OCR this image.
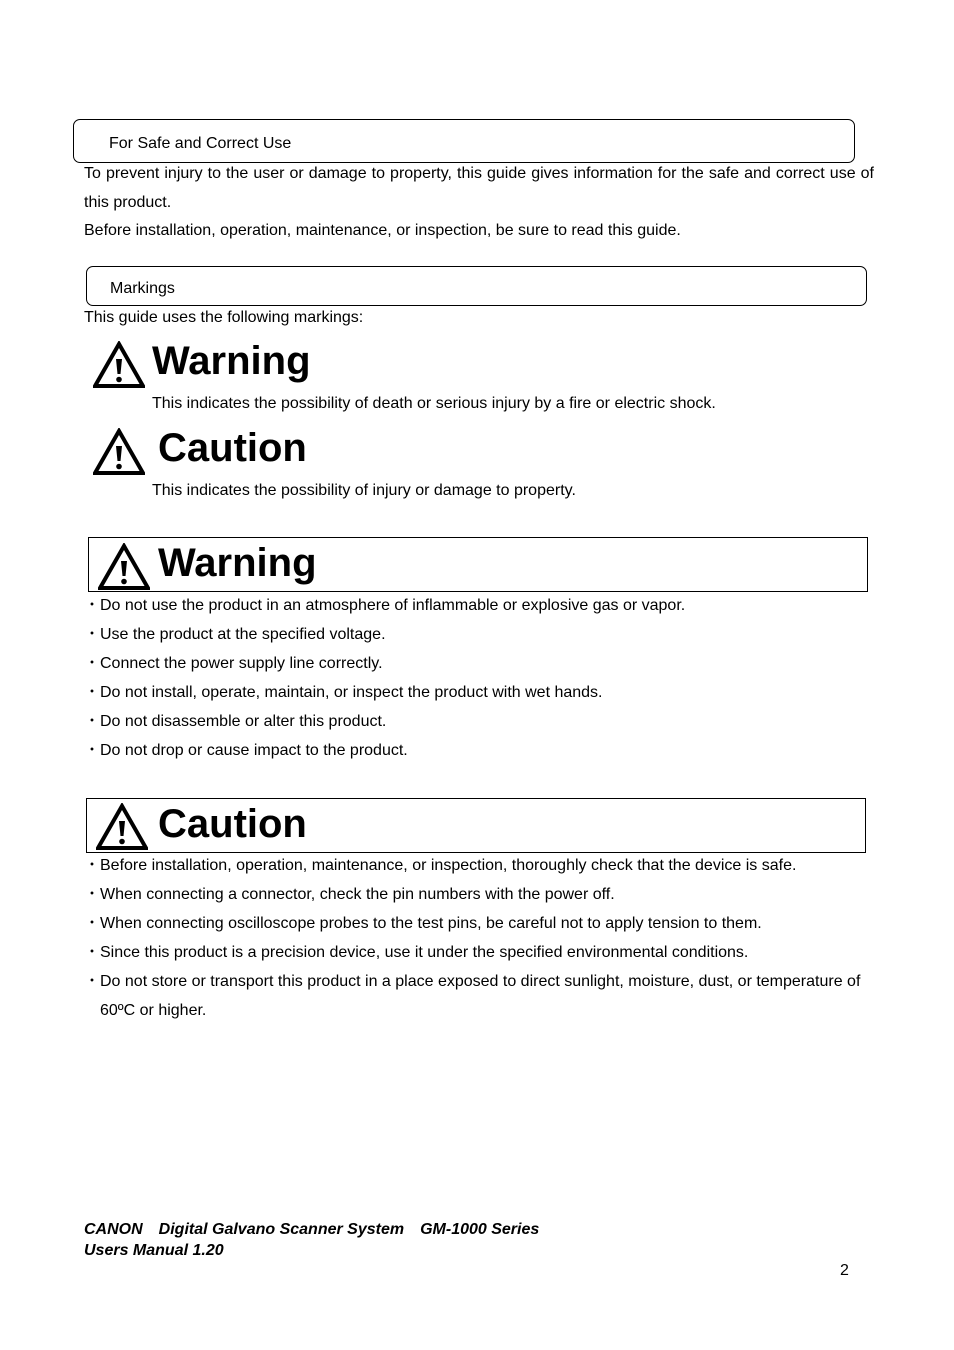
For Safe and Correct Use
To prevent injury to the user or damage to property, this guide gives information for the safe and correct use of this product.
Before installation, operation, maintenance, or inspection, be sure to read this guide.
Markings
This guide uses the following markings:
Warning
This indicates the possibility of death or serious injury by a fire or electric shock.
Caution
This indicates the possibility of injury or damage to property.
Warning
・ Do not use the product in an atmosphere of inflammable or explosive gas or vapor.
・ Use the product at the specified voltage.
・ Connect the power supply line correctly.
・ Do not install, operate, maintain, or inspect the product with wet hands.
・ Do not disassemble or alter this product.
・ Do not drop or cause impact to the product.
Caution
・ Before installation, operation, maintenance, or inspection, thoroughly check that the device is safe.
・ When connecting a connector, check the pin numbers with the power off.
・ When connecting oscilloscope probes to the test pins, be careful not to apply tension to them.
・ Since this product is a precision device, use it under the specified environmental conditions.
・ Do not store or transport this product in a place exposed to direct sunlight, moisture, dust, or temperature of 60ºC or higher.
CANON　Digital Galvano Scanner System　GM-1000 Series
Users Manual 1.20
2
